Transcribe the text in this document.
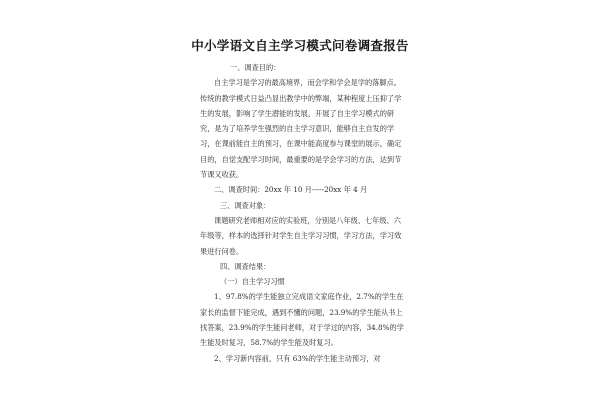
中小学语文自主学习模式问卷调查报告

一、调查目的：

自主学习是学习的最高境界，而会学和学会是学的落脚点。传统的教学模式日益凸显出教学中的弊端，某种程度上压抑了学生的发展，影响了学生潜能的发展，开展了自主学习模式的研究，是为了培养学生强烈的自主学习意识，能够自主自发的学习，在课前能自主的预习，在课中能高度参与课堂的展示，确定目的，自觉支配学习时间，最重要的是学会学习的方法，达到节节课又收获。

二、调查时间：20xx 年 10 月-----20xx 年 4 月

三、调查对象：

课题研究老师相对应的实验班，分别是八年级、七年级、六年级等，样本的选择针对学生自主学习习惯，学习方法，学习效果进行问卷。

四、调查结果：

（一）自主学习习惯

1、97.8%的学生能独立完成语文家庭作业，2.7%的学生在家长的监督下能完成，遇到不懂的问题，23.9%的学生能从书上找答案，23.9%的学生能问老师，对于学过的内容，34.8%的学生能及时复习，58.7%的学生能及时复习。

2、学习新内容前，只有 63%的学生能主动预习，对
